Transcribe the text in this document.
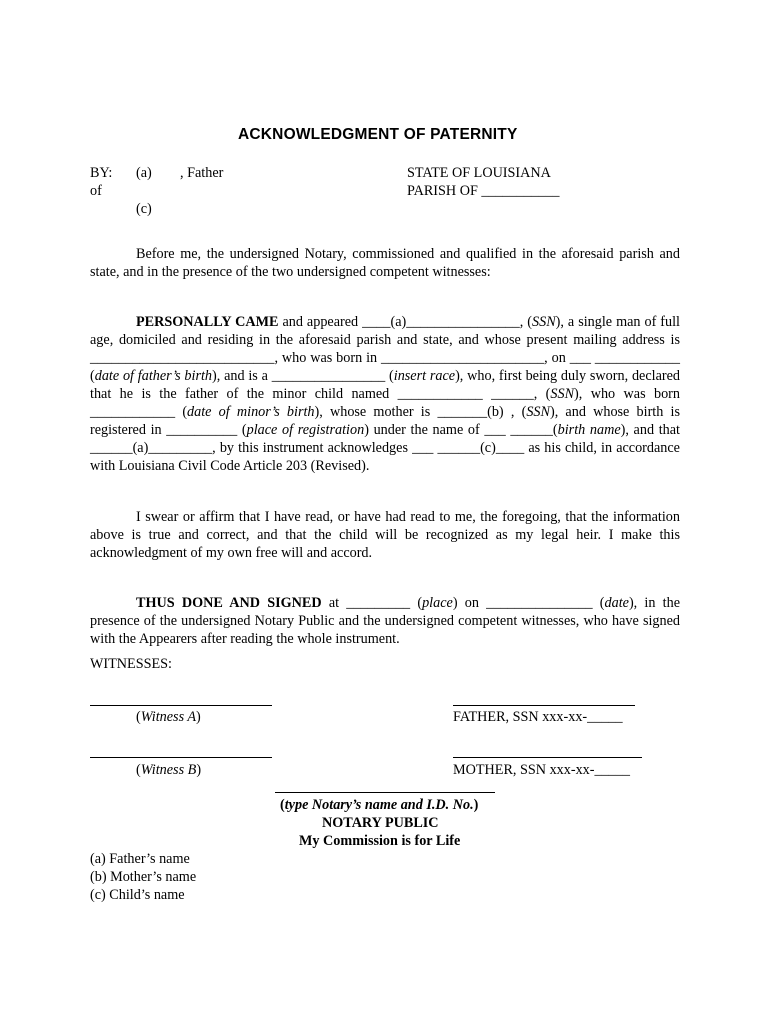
ACKNOWLEDGMENT OF PATERNITY
BY: (a) , Father
of
(c)
STATE OF LOUISIANA
PARISH OF ___________
Before me, the undersigned Notary, commissioned and qualified in the aforesaid parish and state, and in the presence of the two undersigned competent witnesses:
PERSONALLY CAME and appeared ____(a)________________, (SSN), a single man of full age, domiciled and residing in the aforesaid parish and state, and whose present mailing address is __________________________, who was born in _______________________, on ___ ____________ (date of father’s birth), and is a ________________ (insert race), who, first being duly sworn, declared that he is the father of the minor child named ____________ ______, (SSN), who was born ____________ (date of minor’s birth), whose mother is _______(b) , (SSN), and whose birth is registered in __________ (place of registration) under the name of ___ ______(birth name), and that ______(a)_________, by this instrument acknowledges ___ ______(c)____ as his child, in accordance with Louisiana Civil Code Article 203 (Revised).
I swear or affirm that I have read, or have had read to me, the foregoing, that the information above is true and correct, and that the child will be recognized as my legal heir. I make this acknowledgment of my own free will and accord.
THUS DONE AND SIGNED at _________ (place) on _______________ (date), in the presence of the undersigned Notary Public and the undersigned competent witnesses, who have signed with the Appearers after reading the whole instrument.
WITNESSES:
(Witness A)	FATHER, SSN xxx-xx-_____
(Witness B)	MOTHER, SSN xxx-xx-_____
(type Notary’s name and I.D. No.)
NOTARY PUBLIC
My Commission is for Life
(a) Father’s name
(b) Mother’s name
(c) Child’s name
